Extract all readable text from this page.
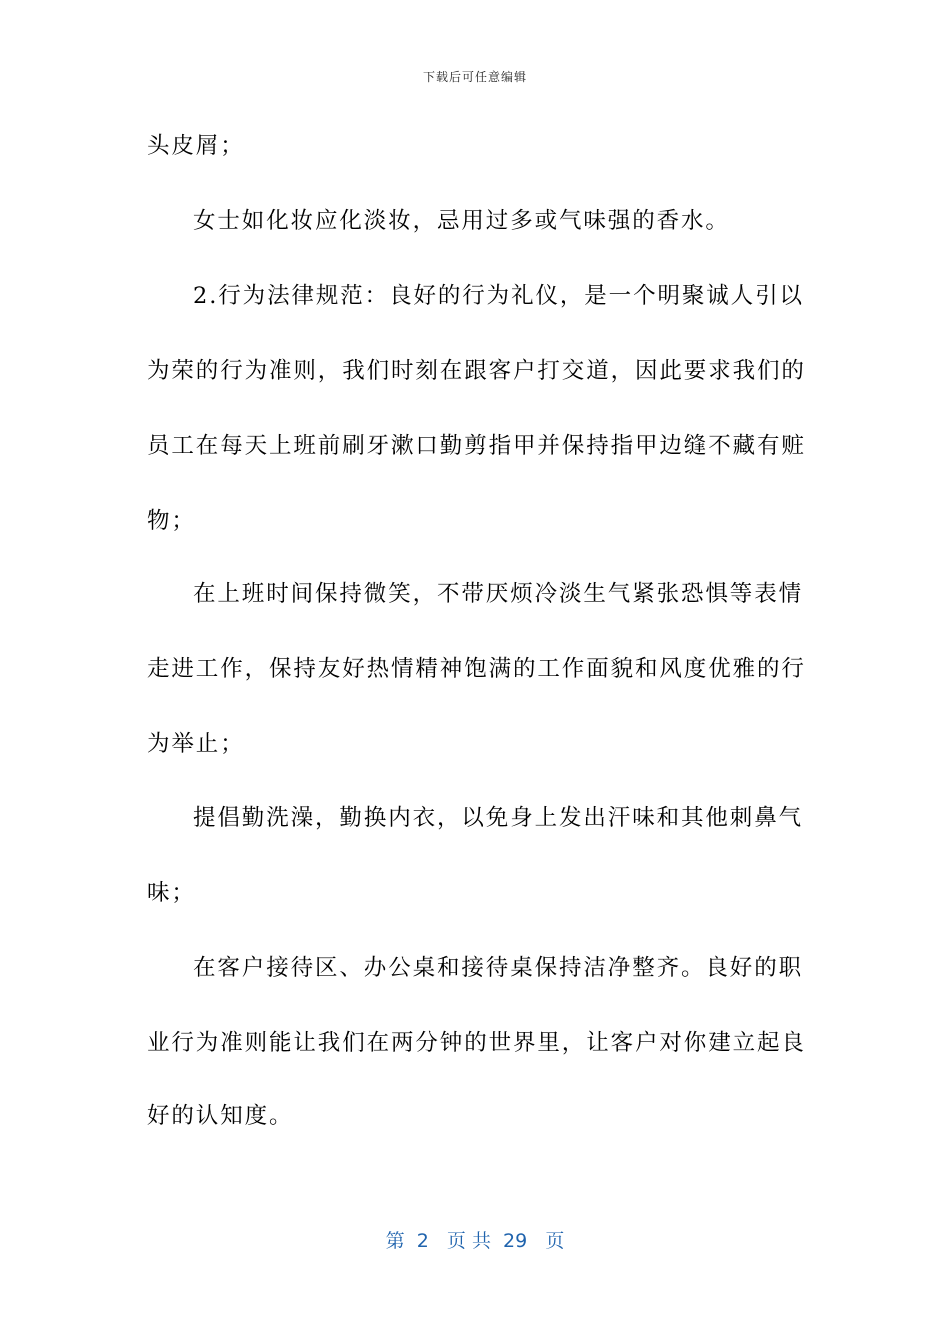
下载后可任意编辑
头皮屑；
女士如化妆应化淡妆，忌用过多或气味强的香水。
2.行为法律规范：良好的行为礼仪，是一个明聚诚人引以
为荣的行为准则，我们时刻在跟客户打交道，因此要求我们的
员工在每天上班前刷牙漱口勤剪指甲并保持指甲边缝不藏有赃
物；
在上班时间保持微笑，不带厌烦冷淡生气紧张恐惧等表情
走进工作，保持友好热情精神饱满的工作面貌和风度优雅的行
为举止；
提倡勤洗澡，勤换内衣，以免身上发出汗味和其他刺鼻气
味；
在客户接待区、办公桌和接待桌保持洁净整齐。良好的职
业行为准则能让我们在两分钟的世界里，让客户对你建立起良
好的认知度。
第  2   页 共  29   页
